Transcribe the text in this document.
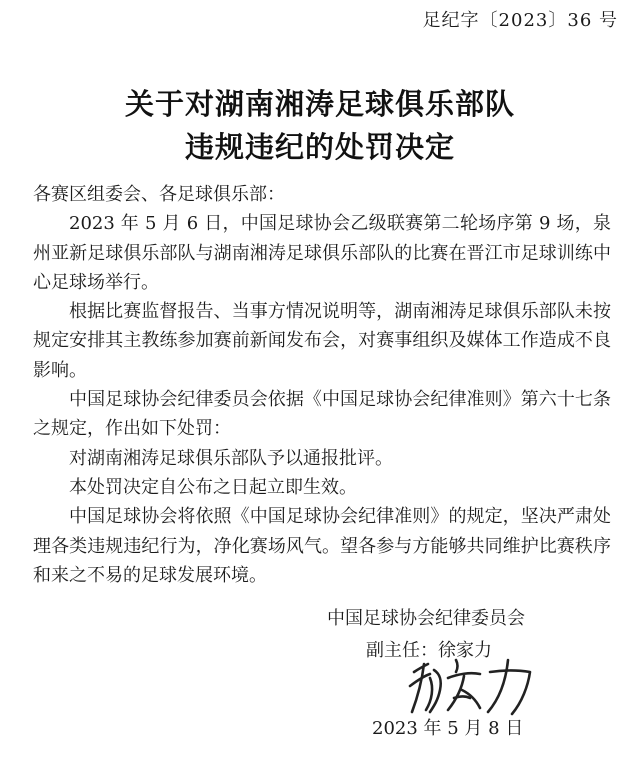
足纪字〔2023〕36 号
关于对湖南湘涛足球俱乐部队
违规违纪的处罚决定

各赛区组委会、各足球俱乐部：

2023 年 5 月 6 日，中国足球协会乙级联赛第二轮场序第 9 场，泉州亚新足球俱乐部队与湖南湘涛足球俱乐部队的比赛在晋江市足球训练中心足球场举行。

根据比赛监督报告、当事方情况说明等，湖南湘涛足球俱乐部队未按规定安排其主教练参加赛前新闻发布会，对赛事组织及媒体工作造成不良影响。

中国足球协会纪律委员会依据《中国足球协会纪律准则》第六十七条之规定，作出如下处罚：

对湖南湘涛足球俱乐部队予以通报批评。

本处罚决定自公布之日起立即生效。

中国足球协会将依照《中国足球协会纪律准则》的规定，坚决严肃处理各类违规违纪行为，净化赛场风气。望各参与方能够共同维护比赛秩序和来之不易的足球发展环境。

中国足球协会纪律委员会
副主任：徐家力
2023 年 5 月 8 日
